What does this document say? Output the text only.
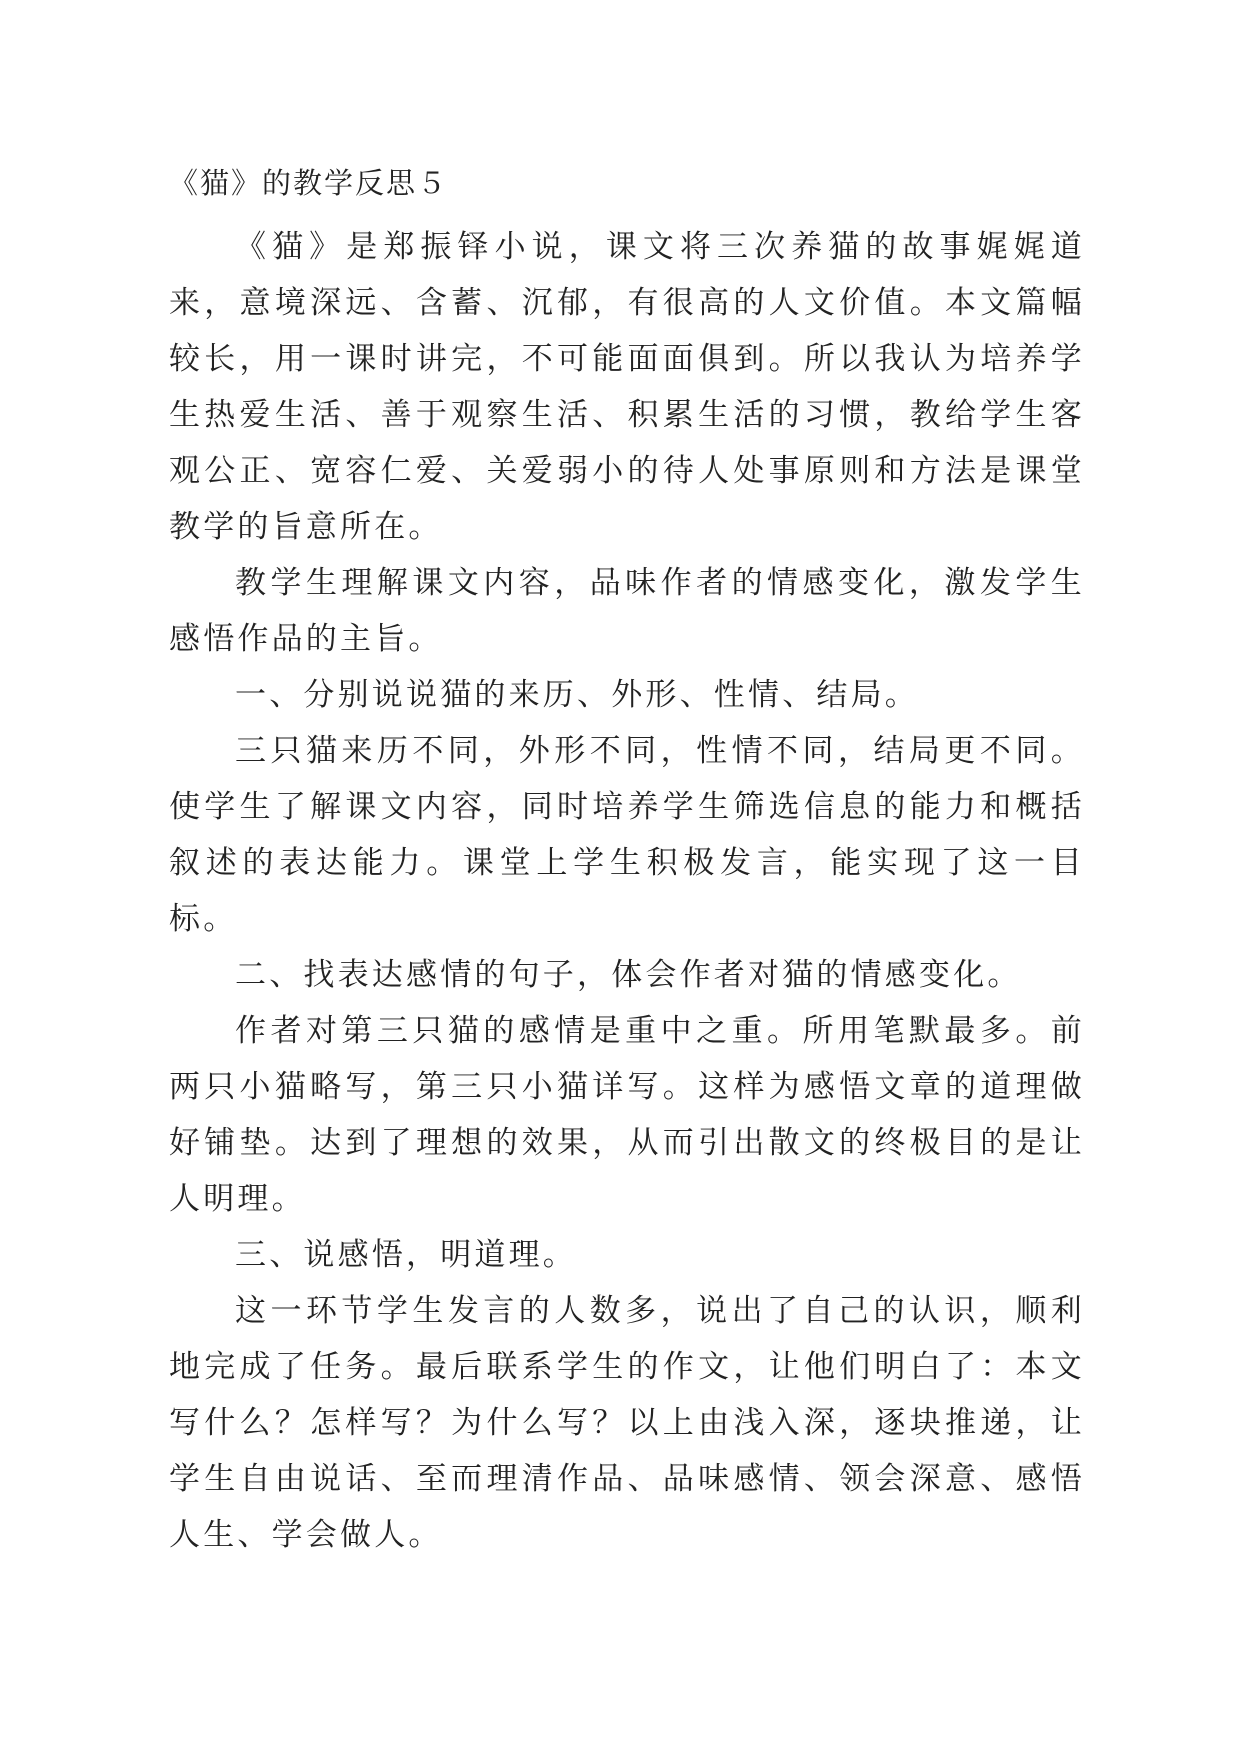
《猫》的教学反思５

《猫》是郑振铎小说，课文将三次养猫的故事娓娓道来，意境深远、含蓄、沉郁，有很高的人文价值。本文篇幅较长，用一课时讲完，不可能面面俱到。所以我认为培养学生热爱生活、善于观察生活、积累生活的习惯，教给学生客观公正、宽容仁爱、关爱弱小的待人处事原则和方法是课堂教学的旨意所在。

教学生理解课文内容，品味作者的情感变化，激发学生感悟作品的主旨。

一、分别说说猫的来历、外形、性情、结局。

三只猫来历不同，外形不同，性情不同，结局更不同。使学生了解课文内容，同时培养学生筛选信息的能力和概括叙述的表达能力。课堂上学生积极发言，能实现了这一目标。

二、找表达感情的句子，体会作者对猫的情感变化。

作者对第三只猫的感情是重中之重。所用笔默最多。前两只小猫略写，第三只小猫详写。这样为感悟文章的道理做好铺垫。达到了理想的效果，从而引出散文的终极目的是让人明理。

三、说感悟，明道理。

这一环节学生发言的人数多，说出了自己的认识，顺利地完成了任务。最后联系学生的作文，让他们明白了：本文写什么？怎样写？为什么写？以上由浅入深，逐块推递，让学生自由说话、至而理清作品、品味感情、领会深意、感悟人生、学会做人。
